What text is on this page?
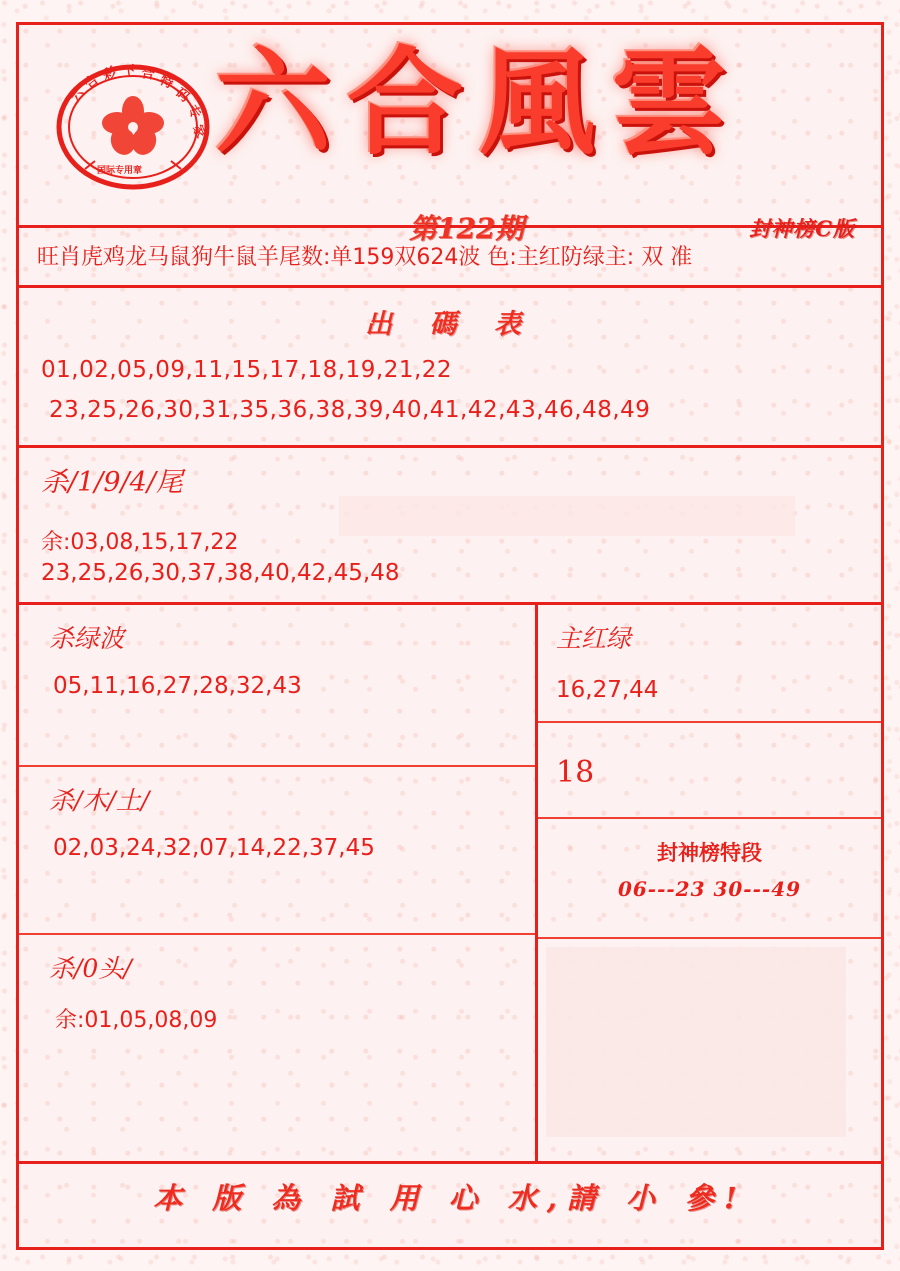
六
合
彩 下 合 特
码
专
家
国际专用章 六合風雲
第122期	封神榜C版
旺肖虎鸡龙马鼠狗牛鼠羊尾数:单159双624波 色:主红防绿主: 双 准
出 碼 表
01,02,05,09,11,15,17,18,19,21,22
23,25,26,30,31,35,36,38,39,40,41,42,43,46,48,49
杀/1/9/4/尾
余:03,08,15,17,22
23,25,26,30,37,38,40,42,45,48
杀绿波
05,11,16,27,28,32,43
杀/木/土/
02,03,24,32,07,14,22,37,45
杀/0头/
余:01,05,08,09
主红绿
16,27,44
18
封神榜特段
06---23 30---49
本 版 為 試 用 心 水,請 小 參!
